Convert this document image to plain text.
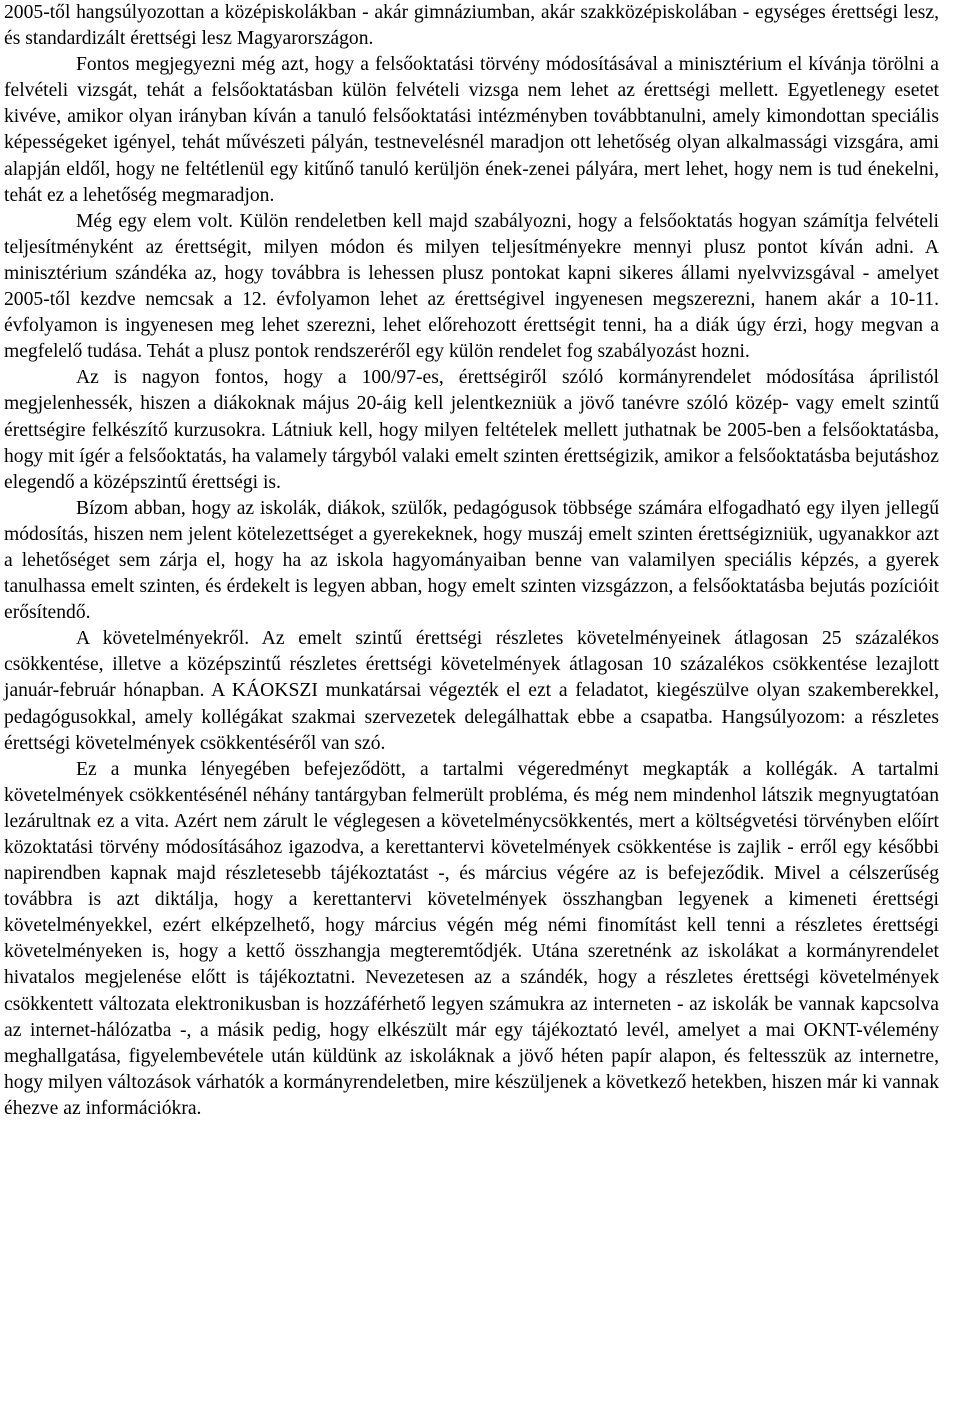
2005-től hangsúlyozottan a középiskolákban - akár gimnáziumban, akár szakközépiskolában - egységes érettségi lesz, és standardizált érettségi lesz Magyarországon.

Fontos megjegyezni még azt, hogy a felsőoktatási törvény módosításával a minisztérium el kívánja törölni a felvételi vizsgát, tehát a felsőoktatásban külön felvételi vizsga nem lehet az érettségi mellett. Egyetlenegy esetet kivéve, amikor olyan irányban kíván a tanuló felsőoktatási intézményben továbbtanulni, amely kimondottan speciális képességeket igényel, tehát művészeti pályán, testnevelésnél maradjon ott lehetőség olyan alkalmassági vizsgára, ami alapján eldől, hogy ne feltétlenül egy kitűnő tanuló kerüljön ének-zenei pályára, mert lehet, hogy nem is tud énekelni, tehát ez a lehetőség megmaradjon.

Még egy elem volt. Külön rendeletben kell majd szabályozni, hogy a felsőoktatás hogyan számítja felvételi teljesítményként az érettségit, milyen módon és milyen teljesítményekre mennyi plusz pontot kíván adni. A minisztérium szándéka az, hogy továbbra is lehessen plusz pontokat kapni sikeres állami nyelvvizsgával - amelyet 2005-től kezdve nemcsak a 12. évfolyamon lehet az érettségivel ingyenesen megszerezni, hanem akár a 10-11. évfolyamon is ingyenesen meg lehet szerezni, lehet előrehozott érettségit tenni, ha a diák úgy érzi, hogy megvan a megfelelő tudása. Tehát a plusz pontok rendszeréről egy külön rendelet fog szabályozást hozni.

Az is nagyon fontos, hogy a 100/97-es, érettségiről szóló kormányrendelet módosítása áprilistól megjelenhessék, hiszen a diákoknak május 20-áig kell jelentkezniük a jövő tanévre szóló közép- vagy emelt szintű érettségire felkészítő kurzusokra. Látniuk kell, hogy milyen feltételek mellett juthatnak be 2005-ben a felsőoktatásba, hogy mit ígér a felsőoktatás, ha valamely tárgyból valaki emelt szinten érettségizik, amikor a felsőoktatásba bejutáshoz elegendő a középszintű érettségi is.

Bízom abban, hogy az iskolák, diákok, szülők, pedagógusok többsége számára elfogadható egy ilyen jellegű módosítás, hiszen nem jelent kötelezettséget a gyerekeknek, hogy muszáj emelt szinten érettségizniük, ugyanakkor azt a lehetőséget sem zárja el, hogy ha az iskola hagyományaiban benne van valamilyen speciális képzés, a gyerek tanulhassa emelt szinten, és érdekelt is legyen abban, hogy emelt szinten vizsgázzon, a felsőoktatásba bejutás pozícióit erősítendő.

A követelményekről. Az emelt szintű érettségi részletes követelményeinek átlagosan 25 százalékos csökkentése, illetve a középszintű részletes érettségi követelmények átlagosan 10 százalékos csökkentése lezajlott január-február hónapban. A KÁOKSZI munkatársai végezték el ezt a feladatot, kiegészülve olyan szakemberekkel, pedagógusokkal, amely kollégákat szakmai szervezetek delegálhattak ebbe a csapatba. Hangsúlyozom: a részletes érettségi követelmények csökkentéséről van szó.

Ez a munka lényegében befejeződött, a tartalmi végeredményt megkapták a kollégák. A tartalmi követelmények csökkentésénél néhány tantárgyban felmerült probléma, és még nem mindenhol látszik megnyugtatóan lezárultnak ez a vita. Azért nem zárult le véglegesen a követelménycsökkentés, mert a költségvetési törvényben előírt közoktatási törvény módosításához igazodva, a kerettantervi követelmények csökkentése is zajlik - erről egy későbbi napirendben kapnak majd részletesebb tájékoztatást -, és március végére az is befejeződik. Mivel a célszerűség továbbra is azt diktálja, hogy a kerettantervi követelmények összhangban legyenek a kimeneti érettségi követelményekkel, ezért elképzelhető, hogy március végén még némi finomítást kell tenni a részletes érettségi követelményeken is, hogy a kettő összhangja megteremtődjék. Utána szeretnénk az iskolákat a kormányrendelet hivatalos megjelenése előtt is tájékoztatni. Nevezetesen az a szándék, hogy a részletes érettségi követelmények csökkentett változata elektronikusban is hozzáférhető legyen számukra az interneten - az iskolák be vannak kapcsolva az internet-hálózatba -, a másik pedig, hogy elkészült már egy tájékoztató levél, amelyet a mai OKNT-vélemény meghallgatása, figyelembevétele után küldünk az iskoláknak a jövő héten papír alapon, és feltesszük az internetre, hogy milyen változások várhatók a kormányrendeletben, mire készüljenek a következő hetekben, hiszen már ki vannak éhezve az információkra.
